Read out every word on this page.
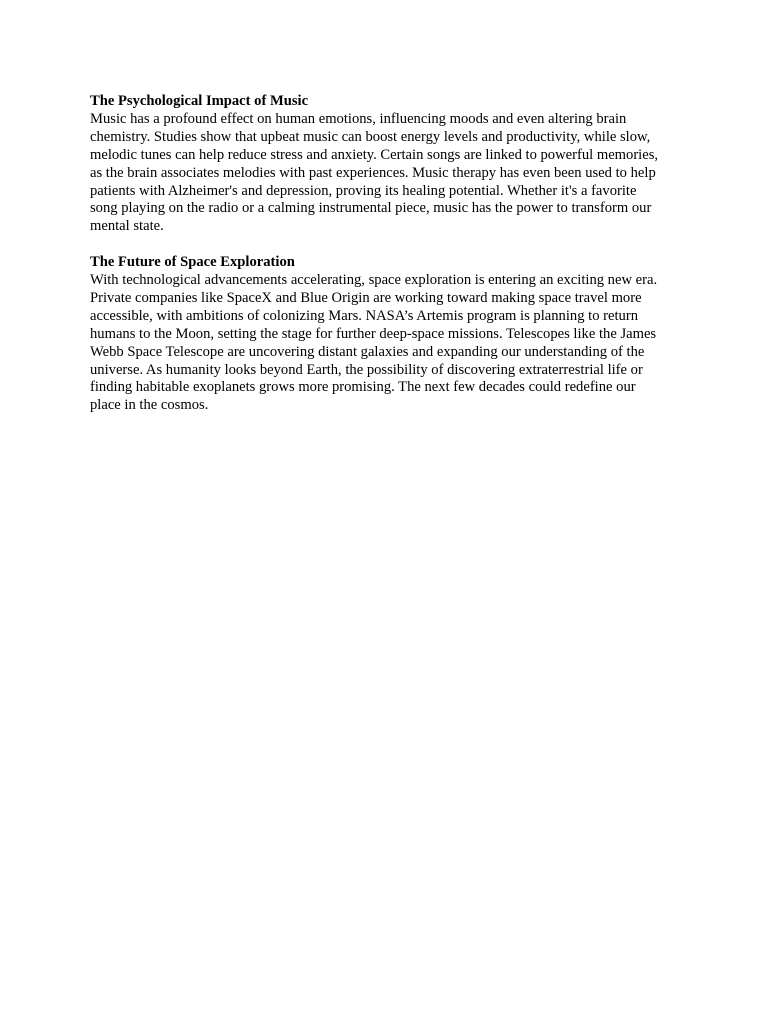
The Psychological Impact of Music

Music has a profound effect on human emotions, influencing moods and even altering brain

chemistry. Studies show that upbeat music can boost energy levels and productivity, while slow,

melodic tunes can help reduce stress and anxiety. Certain songs are linked to powerful memories,

as the brain associates melodies with past experiences. Music therapy has even been used to help

patients with Alzheimer's and depression, proving its healing potential. Whether it's a favorite

song playing on the radio or a calming instrumental piece, music has the power to transform our

mental state.

The Future of Space Exploration

With technological advancements accelerating, space exploration is entering an exciting new era.

Private companies like SpaceX and Blue Origin are working toward making space travel more

accessible, with ambitions of colonizing Mars. NASA’s Artemis program is planning to return

humans to the Moon, setting the stage for further deep-space missions. Telescopes like the James

Webb Space Telescope are uncovering distant galaxies and expanding our understanding of the

universe. As humanity looks beyond Earth, the possibility of discovering extraterrestrial life or

finding habitable exoplanets grows more promising. The next few decades could redefine our

place in the cosmos.
